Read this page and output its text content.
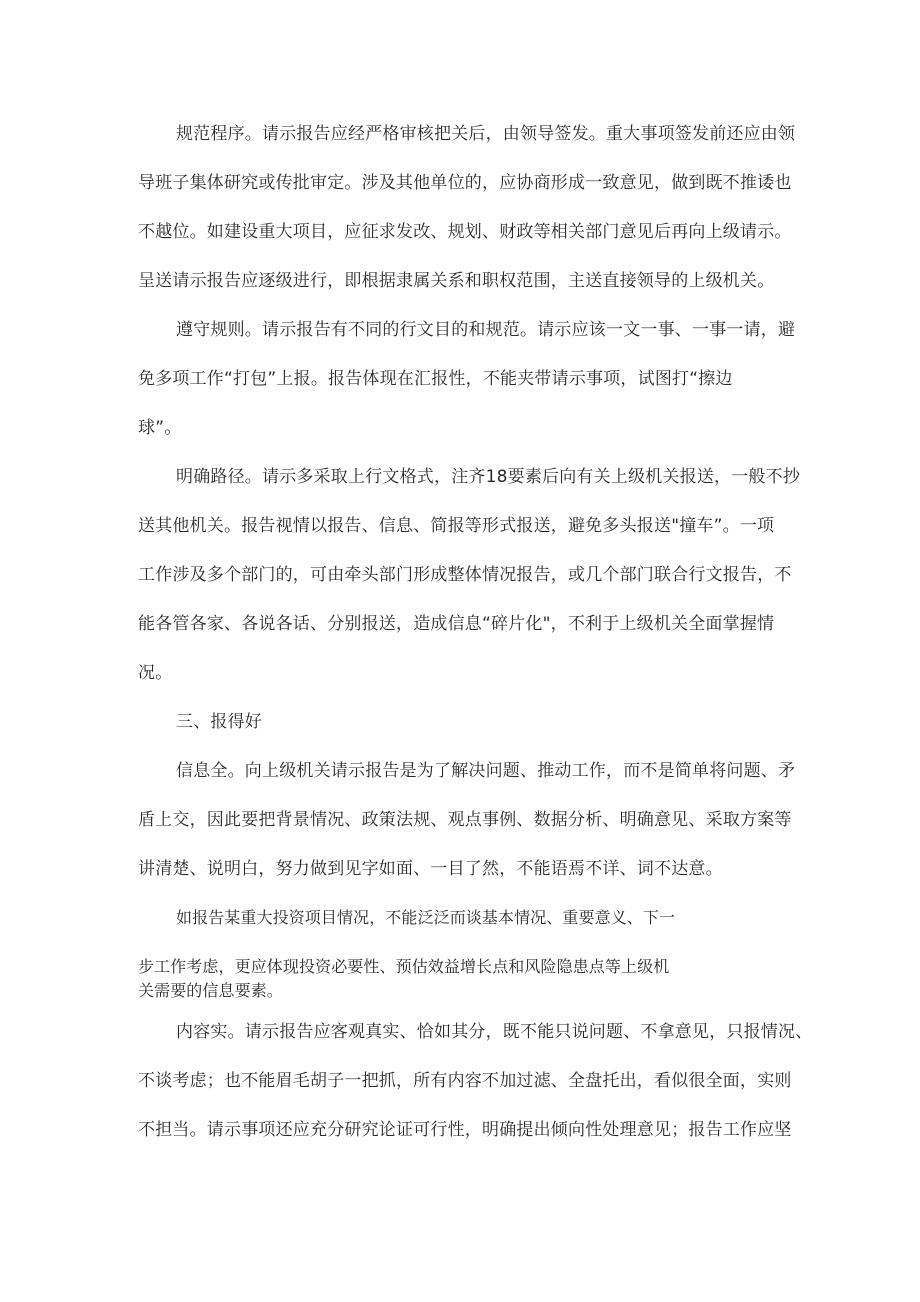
规范程序。请示报告应经严格审核把关后，由领导签发。重大事项签发前还应由领
导班子集体研究或传批审定。涉及其他单位的，应协商形成一致意见，做到既不推诿也
不越位。如建设重大项目，应征求发改、规划、财政等相关部门意见后再向上级请示。
呈送请示报告应逐级进行，即根据隶属关系和职权范围，主送直接领导的上级机关。
遵守规则。请示报告有不同的行文目的和规范。请示应该一文一事、一事一请，避
免多项工作“打包”上报。报告体现在汇报性，不能夹带请示事项，试图打“擦边
球”。
明确路径。请示多采取上行文格式，注齐18要素后向有关上级机关报送，一般不抄
送其他机关。报告视情以报告、信息、简报等形式报送，避免多头报送"撞车”。一项
工作涉及多个部门的，可由牵头部门形成整体情况报告，或几个部门联合行文报告，不
能各管各家、各说各话、分别报送，造成信息“碎片化"，不利于上级机关全面掌握情
况。
三、报得好
信息全。向上级机关请示报告是为了解决问题、推动工作，而不是简单将问题、矛
盾上交，因此要把背景情况、政策法规、观点事例、数据分析、明确意见、采取方案等
讲清楚、说明白，努力做到见字如面、一目了然，不能语焉不详、词不达意。
如报告某重大投资项目情况，不能泛泛而谈基本情况、重要意义、下一
步工作考虑，更应体现投资必要性、预估效益增长点和风险隐患点等上级机
关需要的信息要素。
内容实。请示报告应客观真实、恰如其分，既不能只说问题、不拿意见，只报情况、
不谈考虑；也不能眉毛胡子一把抓，所有内容不加过滤、全盘托出，看似很全面，实则
不担当。请示事项还应充分研究论证可行性，明确提出倾向性处理意见；报告工作应坚
